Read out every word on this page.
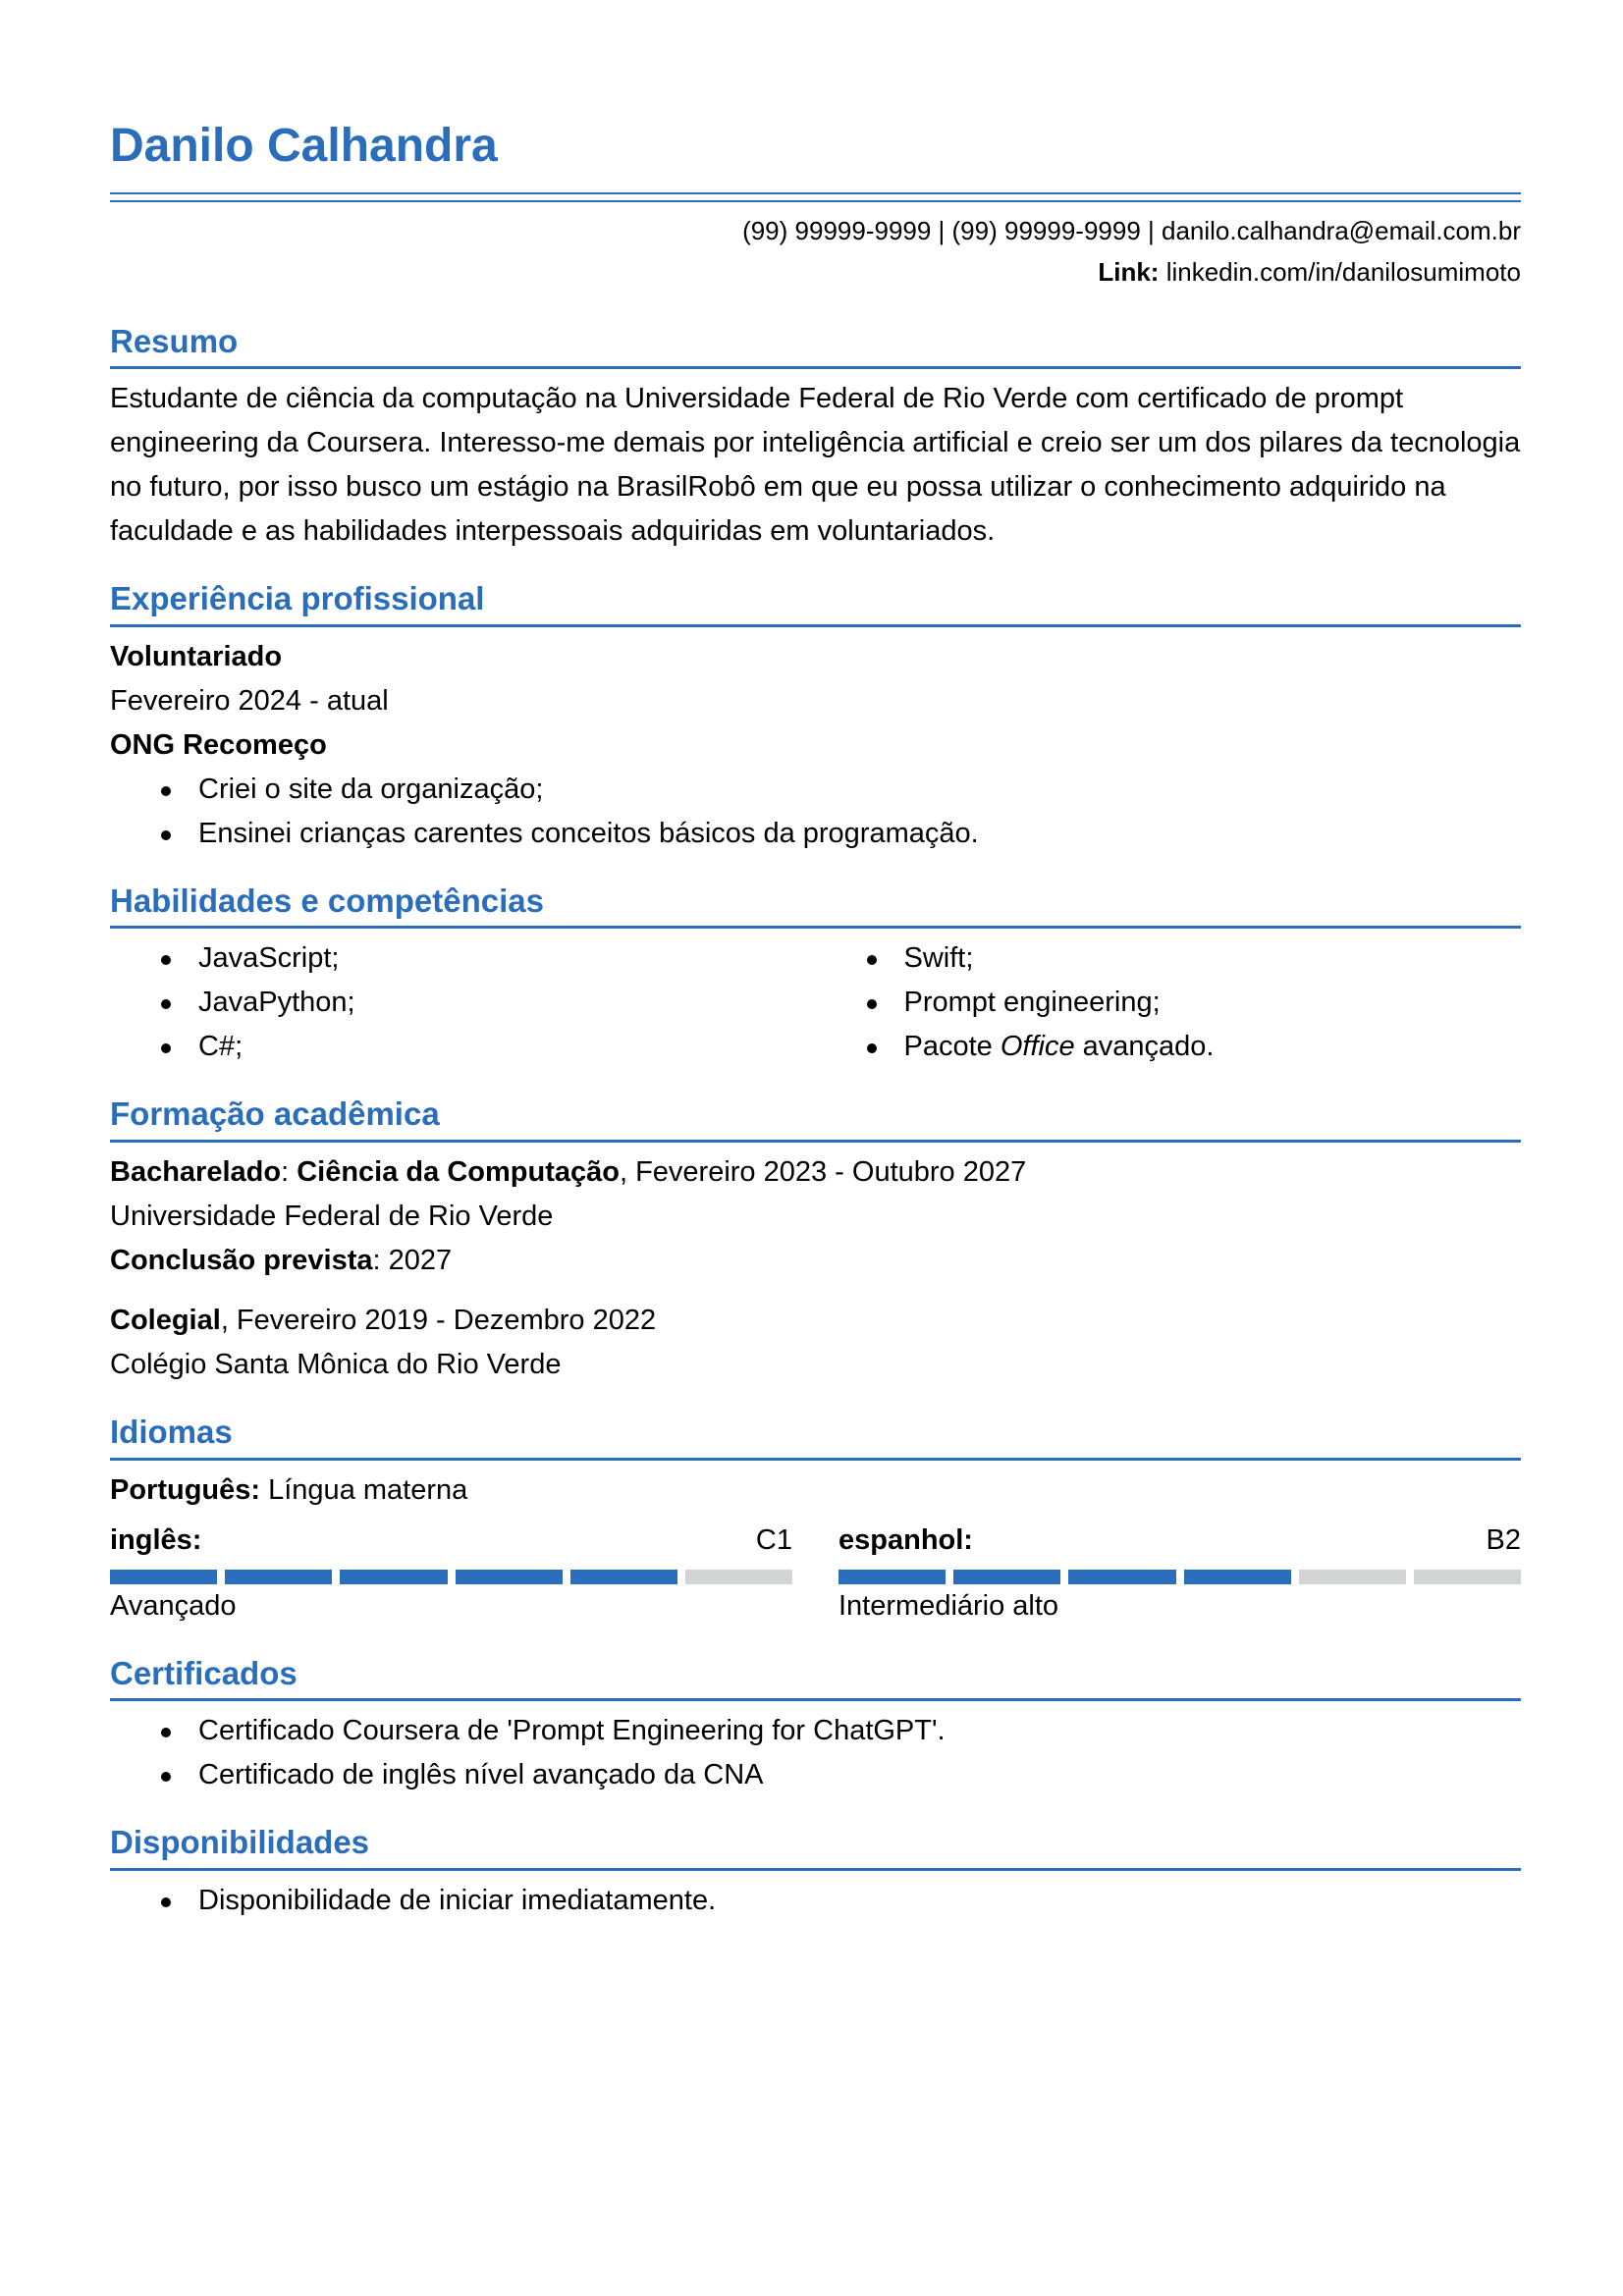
Danilo Calhandra
(99) 99999-9999 | (99) 99999-9999 | danilo.calhandra@email.com.br
Link: linkedin.com/in/danilosumimoto
Resumo
Estudante de ciência da computação na Universidade Federal de Rio Verde com certificado de prompt engineering da Coursera. Interesso-me demais por inteligência artificial e creio ser um dos pilares da tecnologia no futuro, por isso busco um estágio na BrasilRobô em que eu possa utilizar o conhecimento adquirido na faculdade e as habilidades interpessoais adquiridas em voluntariados.
Experiência profissional
Voluntariado
Fevereiro 2024 - atual
ONG Recomeço
Criei o site da organização;
Ensinei crianças carentes conceitos básicos da programação.
Habilidades e competências
JavaScript;
JavaPython;
C#;
Swift;
Prompt engineering;
Pacote Office avançado.
Formação acadêmica
Bacharelado: Ciência da Computação, Fevereiro 2023 - Outubro 2027
Universidade Federal de Rio Verde
Conclusão prevista: 2027
Colegial, Fevereiro 2019 - Dezembro 2022
Colégio Santa Mônica do Rio Verde
Idiomas
Português: Língua materna
inglês:	C1
Avançado
espanhol:	B2
Intermediário alto
Certificados
Certificado Coursera de 'Prompt Engineering for ChatGPT'.
Certificado de inglês nível avançado da CNA
Disponibilidades
Disponibilidade de iniciar imediatamente.
